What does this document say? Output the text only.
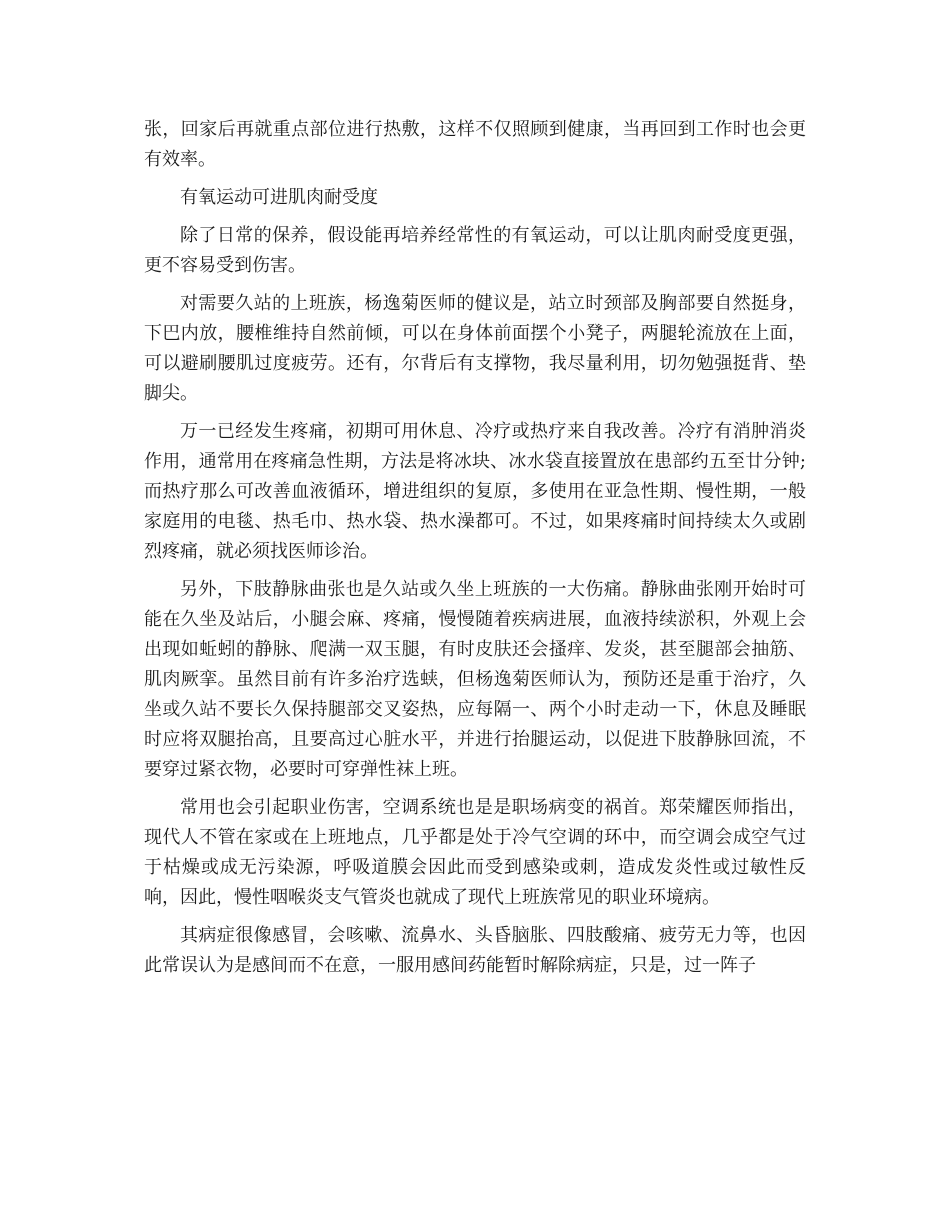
张，回家后再就重点部位进行热敷，这样不仅照顾到健康，当再回到工作时也会更有效率。

有氧运动可进肌肉耐受度

除了日常的保养，假设能再培养经常性的有氧运动，可以让肌肉耐受度更强，更不容易受到伤害。

对需要久站的上班族，杨逸菊医师的健议是，站立时颈部及胸部要自然挺身，下巴内放，腰椎维持自然前倾，可以在身体前面摆个小凳子，两腿轮流放在上面，可以避刷腰肌过度疲劳。还有，尔背后有支撑物，我尽量利用，切勿勉强挺背、垫脚尖。

万一已经发生疼痛，初期可用休息、冷疗或热疗来自我改善。冷疗有消肿消炎作用，通常用在疼痛急性期，方法是将冰块、冰水袋直接置放在患部约五至廿分钟;而热疗那么可改善血液循环，增进组织的复原，多使用在亚急性期、慢性期，一般家庭用的电毯、热毛巾、热水袋、热水澡都可。不过，如果疼痛时间持续太久或剧烈疼痛，就必须找医师诊治。

另外，下肢静脉曲张也是久站或久坐上班族的一大伤痛。静脉曲张刚开始时可能在久坐及站后，小腿会麻、疼痛，慢慢随着疾病进展，血液持续淤积，外观上会出现如蚯蚓的静脉、爬满一双玉腿，有时皮肤还会搔痒、发炎，甚至腿部会抽筋、肌肉厥挛。虽然目前有许多治疗选蛱，但杨逸菊医师认为，预防还是重于治疗，久坐或久站不要长久保持腿部交叉姿热，应每隔一、两个小时走动一下，休息及睡眠时应将双腿抬高，且要高过心脏水平，并进行抬腿运动，以促进下肢静脉回流，不要穿过紧衣物，必要时可穿弹性袜上班。

常用也会引起职业伤害，空调系统也是是职场病变的祸首。郑荣耀医师指出，现代人不管在家或在上班地点，几乎都是处于冷气空调的环中，而空调会成空气过于枯燥或成无污染源，呼吸道膜会因此而受到感染或刺，造成发炎性或过敏性反响，因此，慢性咽喉炎支气管炎也就成了现代上班族常见的职业环境病。

其病症很像感冒，会咳嗽、流鼻水、头昏脑胀、四肢酸痛、疲劳无力等，也因此常误认为是感间而不在意，一服用感间药能暂时解除病症，只是，过一阵子
